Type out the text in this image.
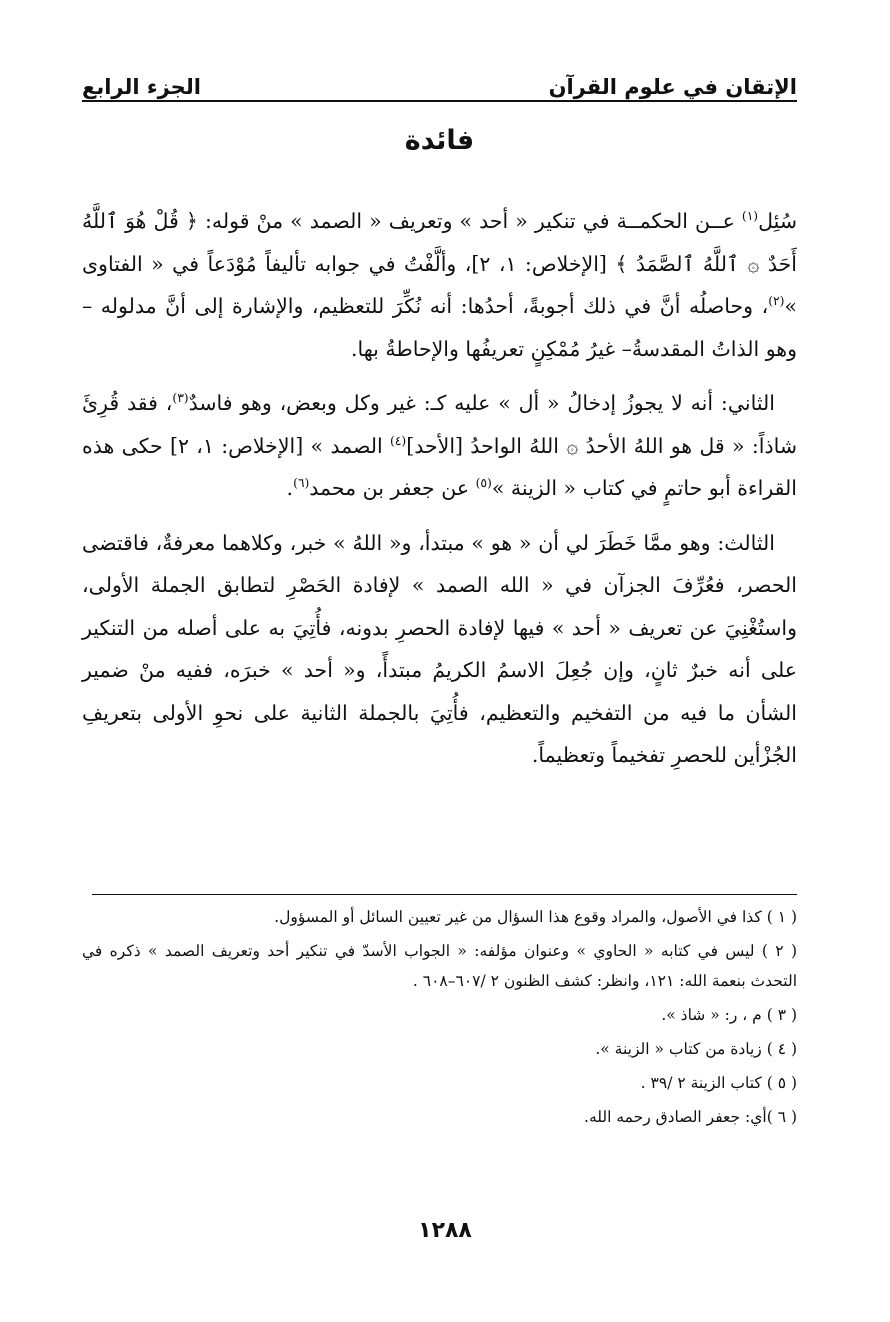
الإتقان في علوم القرآن
الجزء الرابع
فائدة

سُئِل$^{(١)}$ عــن الحكمــة في تنكير « أحد » وتعريف « الصمد » منْ قوله: ﴿ قُلْ هُوَ ٱللَّهُ أَحَدٌ ۞ ٱللَّهُ ٱلصَّمَدُ ﴾ [الإخلاص: ١، ٢]، وألَّفْتُ في جوابه تأليفاً مُوْدَعاً في « الفتاوى »$^{(٢)}$، وحاصلُه أنَّ في ذلك أجوبةً، أحدُها: أنه نُكِّرَ للتعظيم، والإشارة إلى أنَّ مدلوله –وهو الذاتُ المقدسةُ– غيرُ مُمْكِنٍ تعريفُها والإحاطةُ بها.

الثاني: أنه لا يجوزُ إدخالُ « أل » عليه كـ: غير وكل وبعض، وهو فاسدٌ$^{(٣)}$، فقد قُرِئَ شاذاً: « قل هو اللهُ الأحدُ ۞ اللهُ الواحدُ [الأحد]$^{(٤)}$ الصمد » [الإخلاص: ١، ٢] حكى هذه القراءة أبو حاتمٍ في كتاب « الزينة »$^{(٥)}$ عن جعفر بن محمد$^{(٦)}$.

الثالث: وهو ممَّا خَطَرَ لي أن « هو » مبتدأ، و« اللهُ » خبر، وكلاهما معرفةٌ، فاقتضى الحصر، فعُرِّفَ الجزآن في « الله الصمد » لإفادة الحَصْرِ لتطابق الجملة الأولى، واستُغْنِيَ عن تعريف « أحد » فيها لإفادة الحصرِ بدونه، فأُتِيَ به على أصله من التنكير على أنه خبرٌ ثانٍ، وإن جُعِلَ الاسمُ الكريمُ مبتدأً، و« أحد » خبرَه، ففيه منْ ضمير الشأن ما فيه من التفخيم والتعظيم، فأُتِيَ بالجملة الثانية على نحوِ الأولى بتعريفِ الجُزْأين للحصرِ تفخيماً وتعظيماً.

( ١ ) كذا في الأصول، والمراد وقوع هذا السؤال من غير تعيين السائل أو المسؤول.
( ٢ ) ليس في كتابه « الحاوي » وعنوان مؤلفه: « الجواب الأسدّ في تنكير أحد وتعريف الصمد » ذكره في التحدث بنعمة الله: ١٢١، وانظر: كشف الظنون ٢ /٦٠٧–٦٠٨ .
( ٣ ) م ، ر: « شاذ ».
( ٤ ) زيادة من كتاب « الزينة ».
( ٥ ) كتاب الزينة ٢ /٣٩ .
( ٦ )أي: جعفر الصادق رحمه الله.
١٢٨٨
